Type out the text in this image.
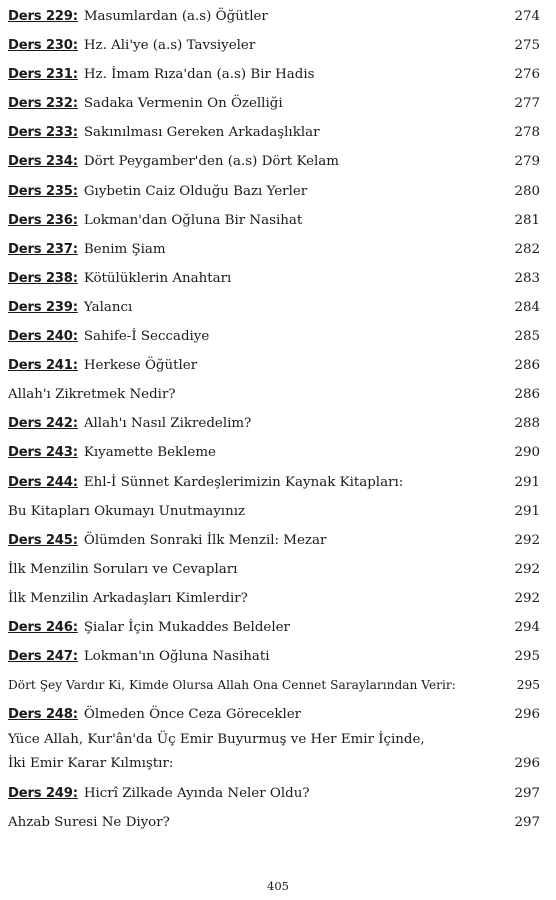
Ders 229: Masumlardan (a.s) Öğütler	274
Ders 230: Hz. Ali'ye (a.s) Tavsiyeler	275
Ders 231: Hz. İmam Rıza'dan (a.s) Bir Hadis	276
Ders 232: Sadaka Vermenin On Özelliği	277
Ders 233: Sakınılması Gereken Arkadaşlıklar	278
Ders 234: Dört Peygamber'den (a.s) Dört Kelam	279
Ders 235: Gıybetin Caiz Olduğu Bazı Yerler	280
Ders 236: Lokman'dan Oğluna Bir Nasihat	281
Ders 237: Benim Şiam	282
Ders 238: Kötülüklerin Anahtarı	283
Ders 239: Yalancı	284
Ders 240: Sahife-İ Seccadiye	285
Ders 241: Herkese Öğütler	286
Allah'ı Zikretmek Nedir?	286
Ders 242: Allah'ı Nasıl Zikredelim?	288
Ders 243: Kıyamette Bekleme	290
Ders 244: Ehl-İ Sünnet Kardeşlerimizin Kaynak Kitapları:	291
Bu Kitapları Okumayı Unutmayınız	291
Ders 245: Ölümden Sonraki İlk Menzil: Mezar	292
İlk Menzilin Soruları ve Cevapları	292
İlk Menzilin Arkadaşları Kimlerdir?	292
Ders 246: Şialar İçin Mukaddes Beldeler	294
Ders 247: Lokman'ın Oğluna Nasihati	295
Dört Şey Vardır Ki, Kimde Olursa Allah Ona Cennet Saraylarından Verir:	295
Ders 248: Ölmeden Önce Ceza Görecekler	296
Yüce Allah, Kur'ân'da Üç Emir Buyurmuş ve Her Emir İçinde,
İki Emir Karar Kılmıştır:	296
Ders 249: Hicrî Zilkade Ayında Neler Oldu?	297
Ahzab Suresi Ne Diyor?	297
405
